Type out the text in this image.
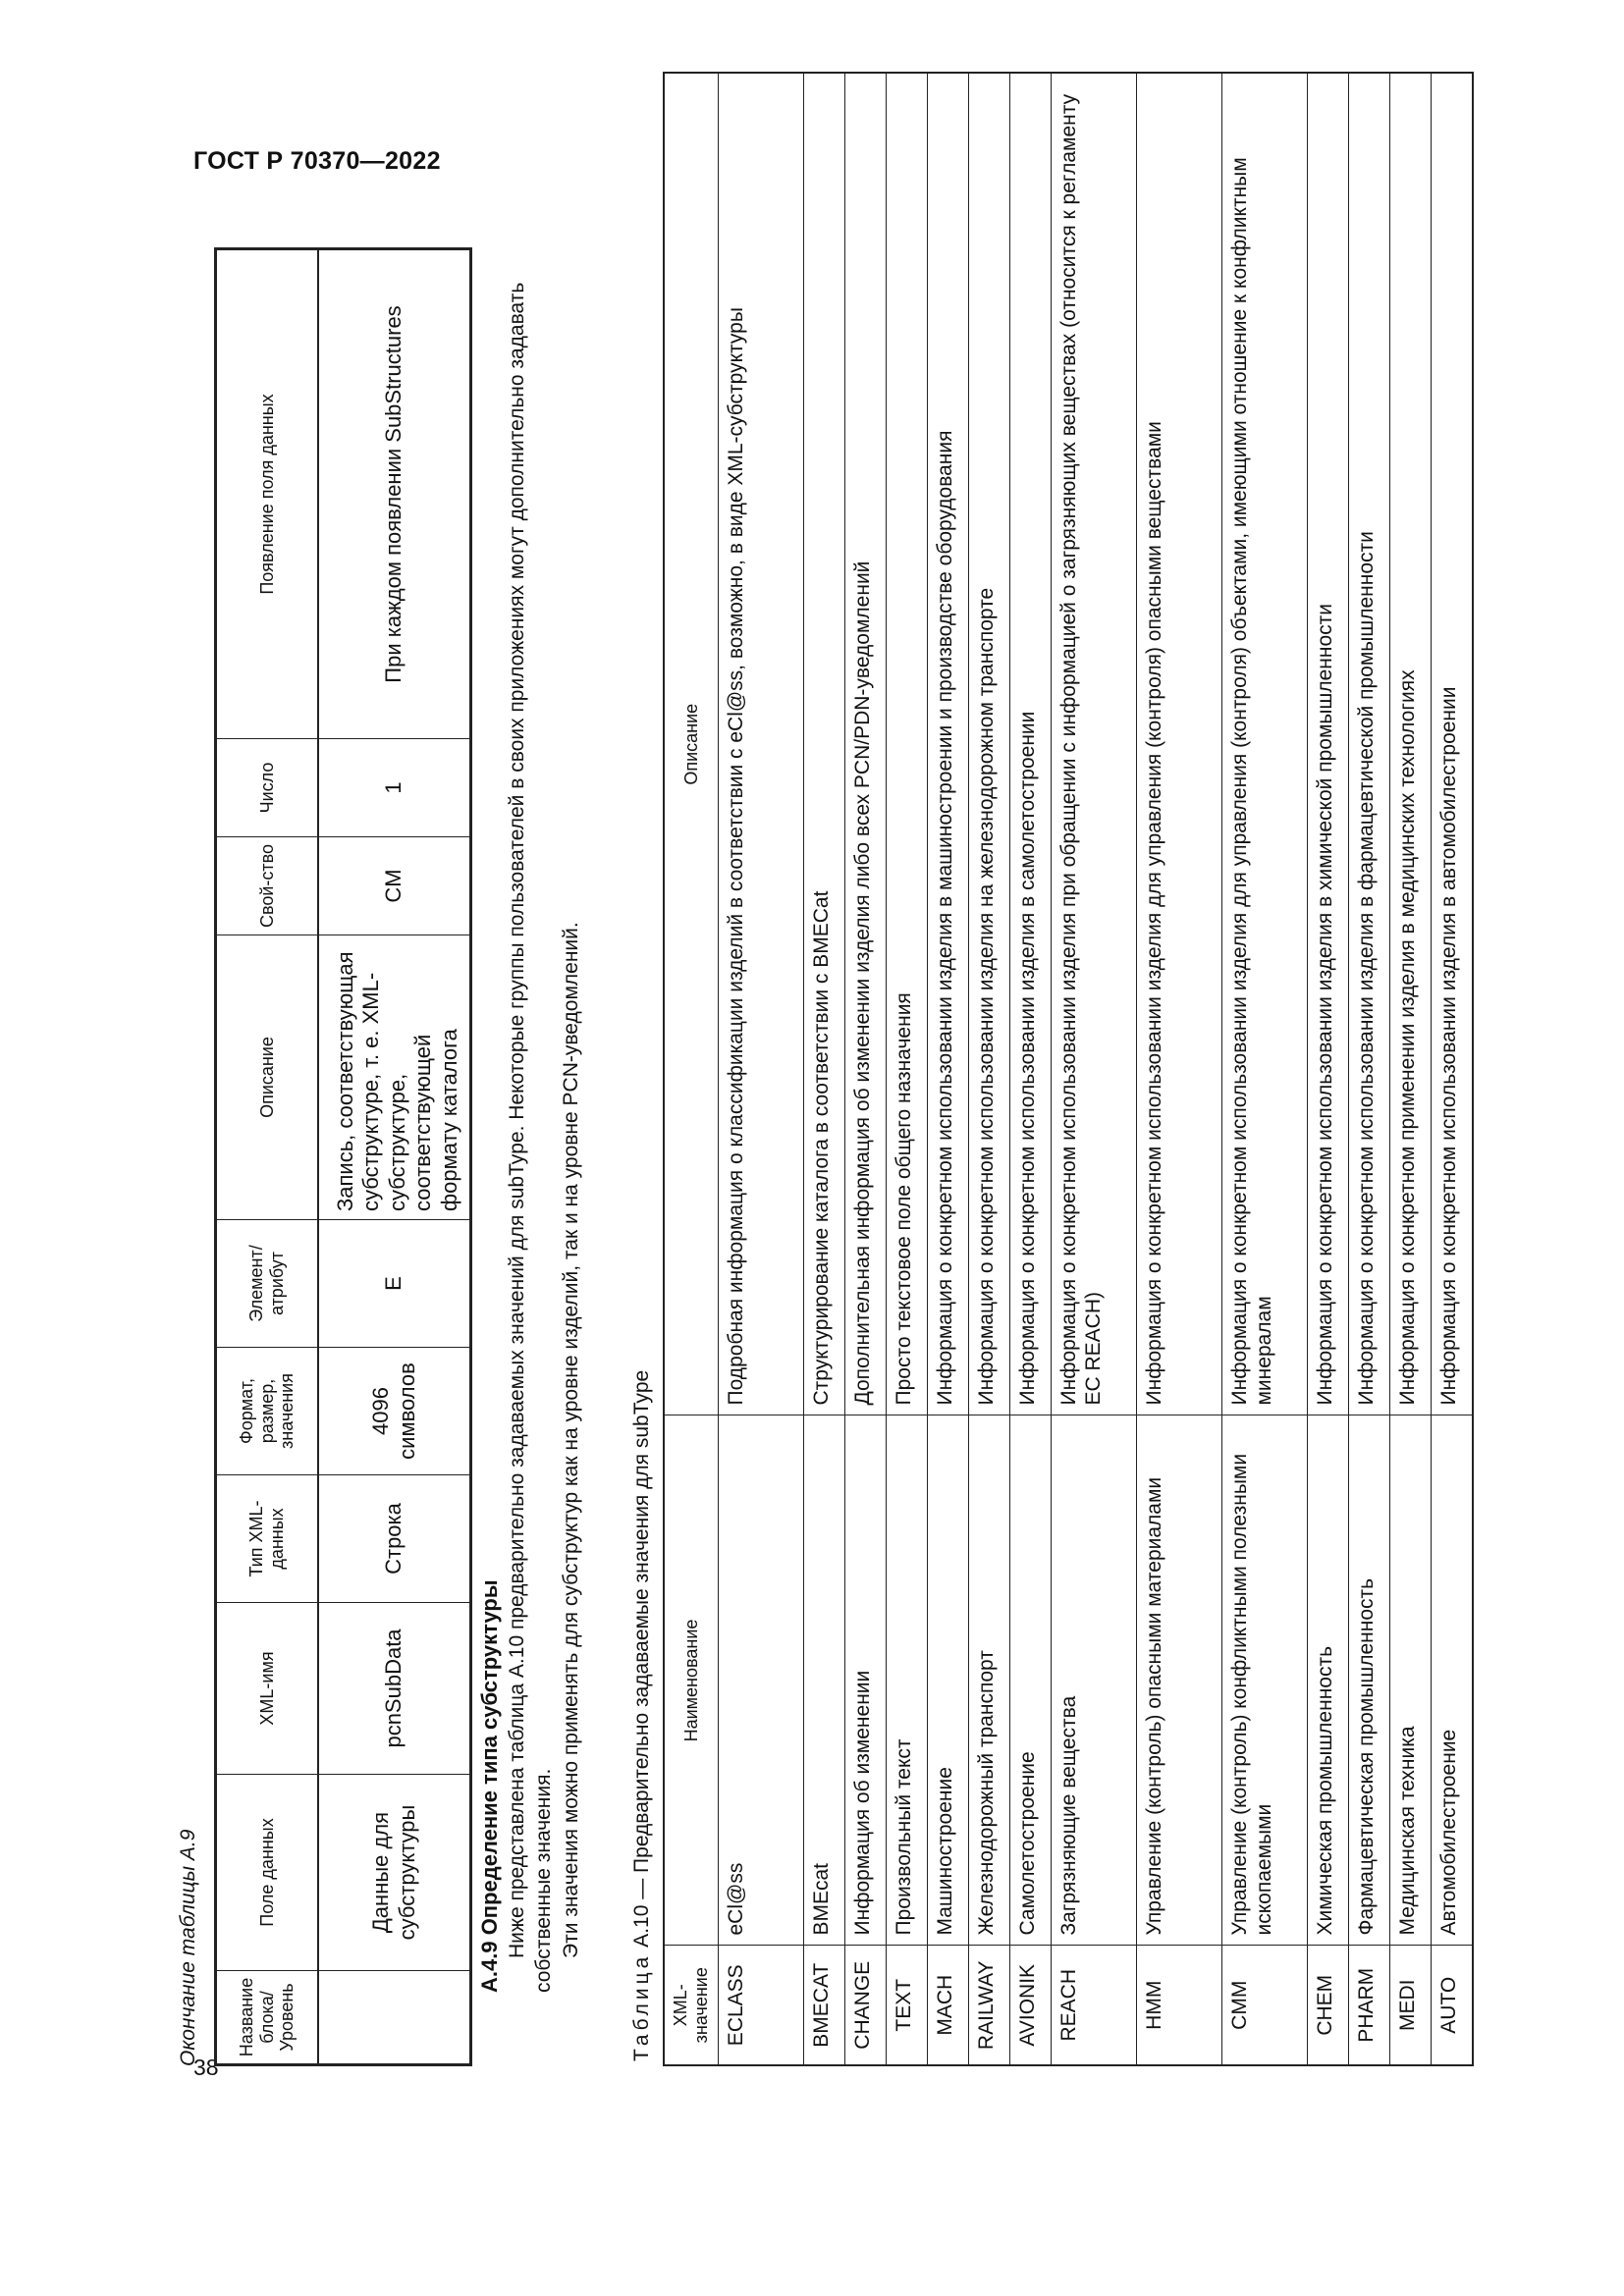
ГОСТ Р 70370—2022
38
Окончание таблицы А.9 Название блока/ Уровень	Поле данных	XML-имя	Тип XML-данных	Формат, размер, значения	Элемент/ атрибут	Описание	Свой-ство	Число	Появление поля данных
	Данные для субструктуры	pcnSubData	Строка	4096 символов	E	Запись, соответствующая субструктуре, т. е. XML-субструктуре, соответствующей формату каталога	CM	1	При каждом появлении SubStructures

А.4.9 Определение типа субструктуры Ниже представлена таблица А.10 предварительно задаваемых значений для subType. Некоторые группы пользователей в своих приложениях могут дополнительно задавать собственные значения. Эти значения можно применять для субструктур как на уровне изделий, так и на уровне PCN-уведомлений.

Таблица А.10 — Предварительно задаваемые значения для subType
XML-значение	Наименование	Описание
ECLASS	eCl@ss	Подробная информация о классификации изделий в соответствии с eCl@ss, возможно, в виде XML-субструктуры
BMECAT	BMEcat	Структурирование каталога в соответствии с BMECat
CHANGE	Информация об изменении	Дополнительная информация об изменении изделия либо всех PCN/PDN-уведомлений
TEXT	Произвольный текст	Просто текстовое поле общего назначения
MACH	Машиностроение	Информация о конкретном использовании изделия в машиностроении и производстве оборудования
RAILWAY	Железнодорожный транспорт	Информация о конкретном использовании изделия на железнодорожном транспорте
AVIONIK	Самолетостроение	Информация о конкретном использовании изделия в самолетостроении
REACH	Загрязняющие вещества	Информация о конкретном использовании изделия при обращении с информацией о загрязняющих веществах (относится к регламенту ЕС REACH)
HMM	Управление (контроль) опасными материалами	Информация о конкретном использовании изделия для управления (контроля) опасными веществами
CMM	Управление (контроль) конфликтными полезными ископаемыми	Информация о конкретном использовании изделия для управления (контроля) объектами, имеющими отношение к конфликтным минералам
CHEM	Химическая промышленность	Информация о конкретном использовании изделия в химической промышленности
PHARM	Фармацевтическая промышленность	Информация о конкретном использовании изделия в фармацевтической промышленности
MEDI	Медицинская техника	Информация о конкретном применении изделия в медицинских технологиях
AUTO	Автомобилестроение	Информация о конкретном использовании изделия в автомобилестроении
